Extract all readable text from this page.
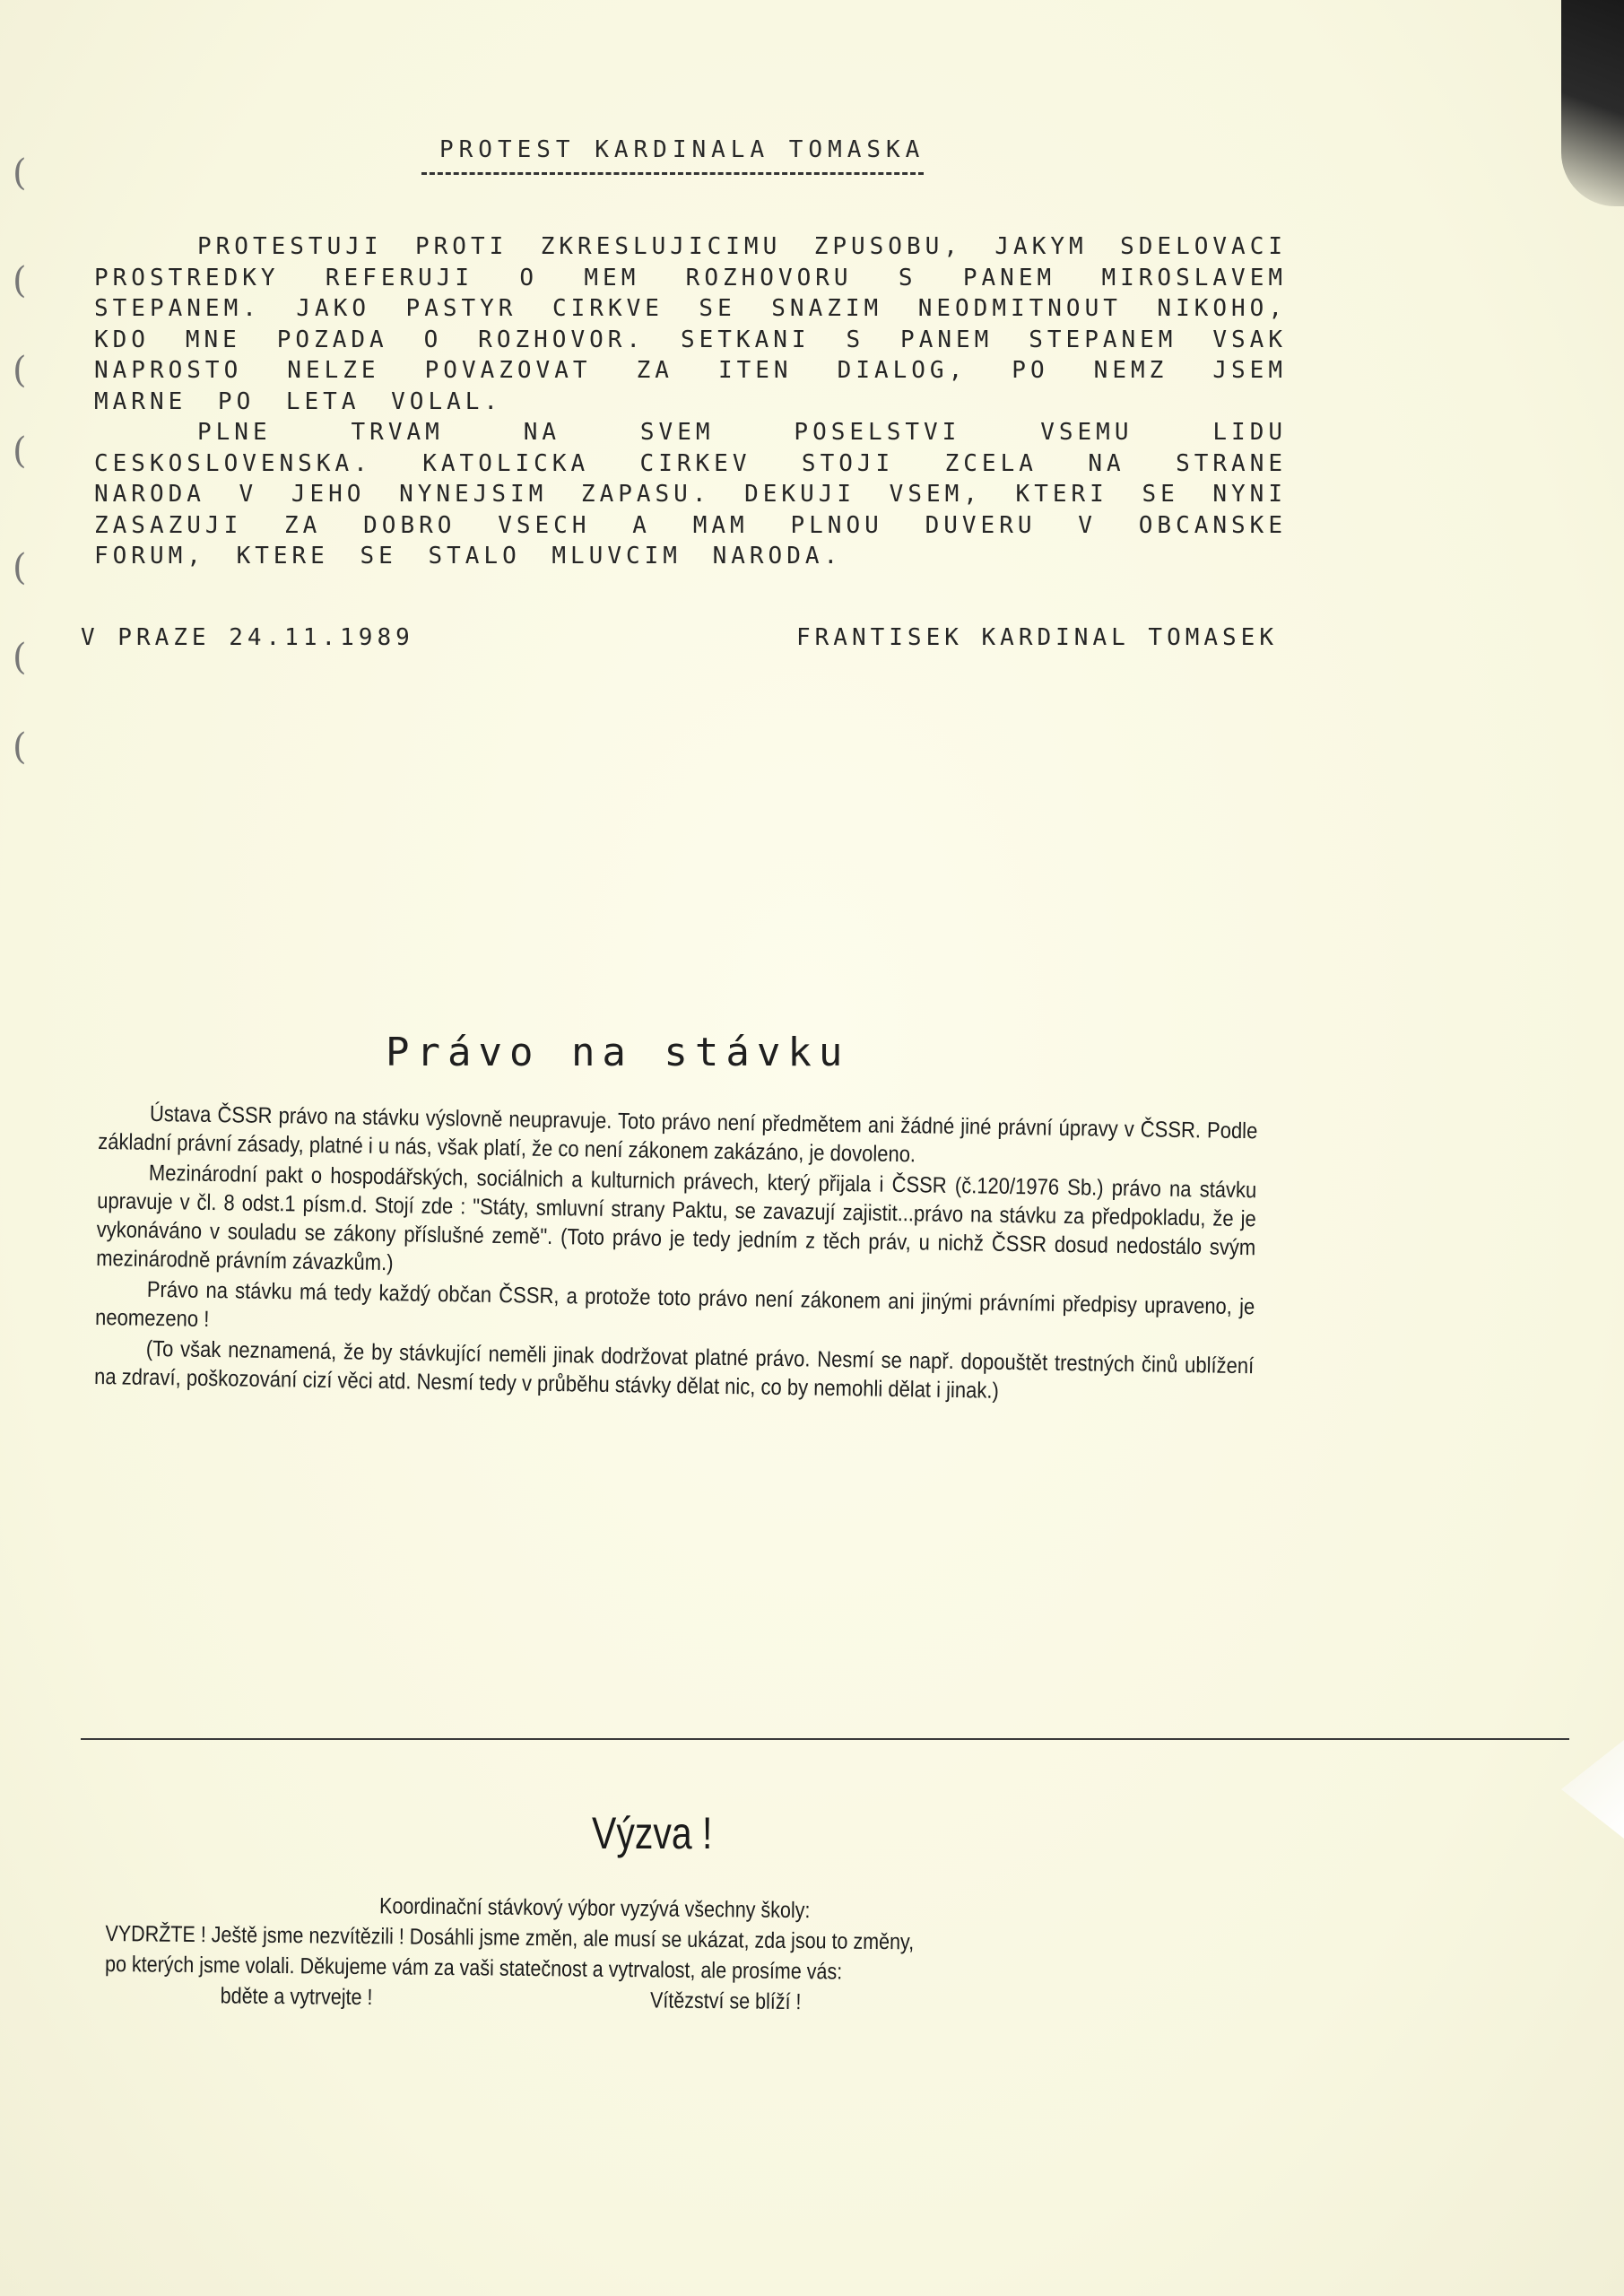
(
(
(
(
(
(
(
PROTEST KARDINALA TOMASKA

PROTESTUJI PROTI ZKRESLUJICIMU ZPUSOBU, JAKYM SDELOVACI PROSTREDKY REFERUJI O MEM ROZHOVORU S PANEM MIROSLAVEM STEPANEM. JAKO PASTYR CIRKVE SE SNAZIM NEODMITNOUT NIKOHO, KDO MNE POZADA O ROZHOVOR. SETKANI S PANEM STEPANEM VSAK NAPROSTO NELZE POVAZOVAT ZA ITEN DIALOG, PO NEMZ JSEM MARNE PO LETA VOLAL.

PLNE TRVAM NA SVEM POSELSTVI VSEMU LIDU CESKOSLOVENSKA. KATOLICKA CIRKEV STOJI ZCELA NA STRANE NARODA V JEHO NYNEJSIM ZAPASU. DEKUJI VSEM, KTERI SE NYNI ZASAZUJI ZA DOBRO VSECH A MAM PLNOU DUVERU V OBCANSKE FORUM, KTERE SE STALO MLUVCIM NARODA.

V PRAZE 24.11.1989	FRANTISEK KARDINAL TOMASEK
Právo na stávku

Ústava ČSSR právo na stávku výslovně neupravuje. Toto právo není předmětem ani žádné jiné právní úpravy v ČSSR. Podle základní právní zásady, platné i u nás, však platí, že co není zákonem zakázáno, je dovoleno.

Mezinárodní pakt o hospodářských, sociálnich a kulturnich právech, který přijala i ČSSR (č.120/1976 Sb.) právo na stávku upravuje v čl. 8 odst.1 písm.d. Stojí zde : "Státy, smluvní strany Paktu, se zavazují zajistit...právo na stávku za předpokladu, že je vykonáváno v souladu se zákony příslušné země". (Toto právo je tedy jedním z těch práv, u nichž ČSSR dosud nedostálo svým mezinárodně právním závazkům.)

Právo na stávku má tedy každý občan ČSSR, a protože toto právo není zákonem ani jinými právními předpisy upraveno, je neomezeno !

(To však neznamená, že by stávkující neměli jinak dodržovat platné právo. Nesmí se např. dopouštět trestných činů ublížení na zdraví, poškozování cizí věci atd. Nesmí tedy v průběhu stávky dělat nic, co by nemohli dělat i jinak.)

Výzva !
Koordinační stávkový výbor vyzývá všechny školy:
VYDRŽTE ! Ještě jsme nezvítězili ! Dosáhli jsme změn, ale musí se ukázat, zda jsou to změny,
po kterých jsme volali. Děkujeme vám za vaši statečnost a vytrvalost, ale prosíme vás:
bděte a vytrvejte !	Vítězství se blíží !
